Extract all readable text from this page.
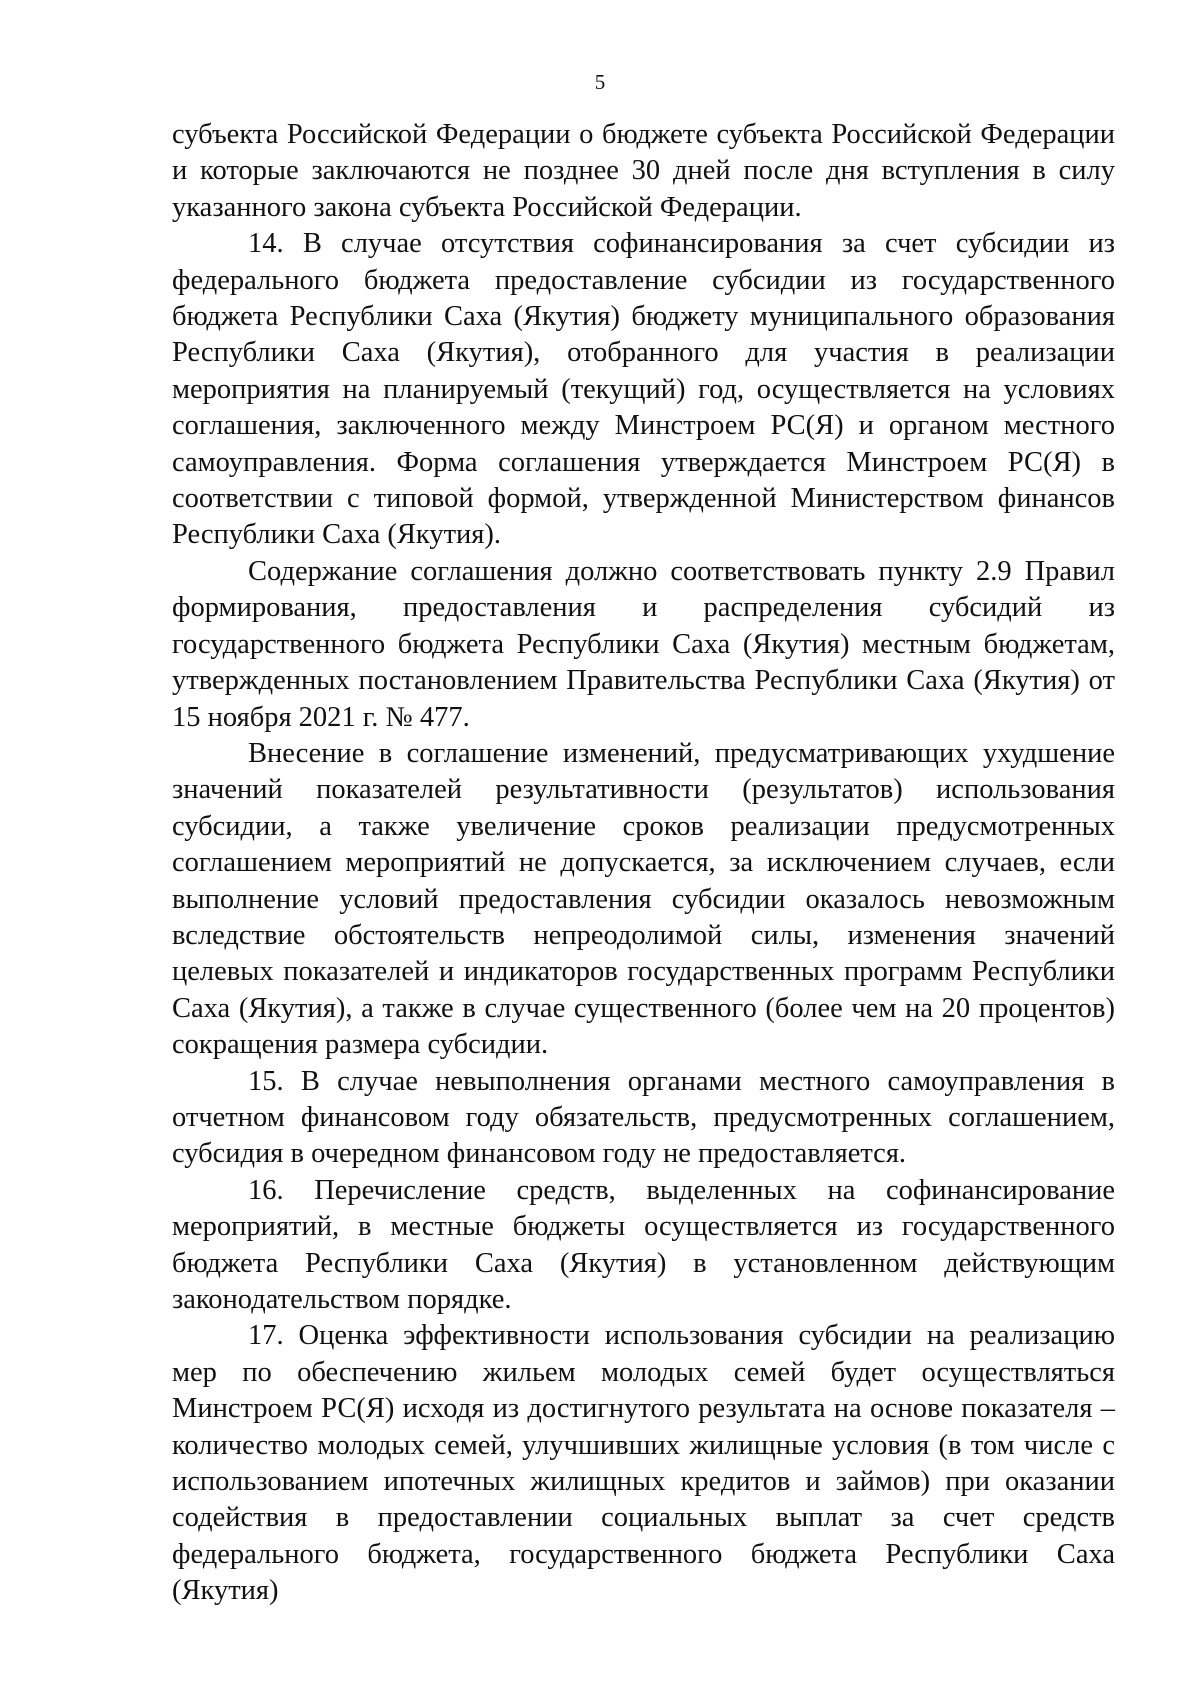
5

субъекта Российской Федерации о бюджете субъекта Российской Федерации и которые заключаются не позднее 30 дней после дня вступления в силу указанного закона субъекта Российской Федерации.

14. В случае отсутствия софинансирования за счет субсидии из федерального бюджета предоставление субсидии из государственного бюджета Республики Саха (Якутия) бюджету муниципального образования Республики Саха (Якутия), отобранного для участия в реализации мероприятия на планируемый (текущий) год, осуществляется на условиях соглашения, заключенного между Минстроем РС(Я) и органом местного самоуправления. Форма соглашения утверждается Минстроем РС(Я) в соответствии с типовой формой, утвержденной Министерством финансов Республики Саха (Якутия).

Содержание соглашения должно соответствовать пункту 2.9 Правил формирования, предоставления и распределения субсидий из государственного бюджета Республики Саха (Якутия) местным бюджетам, утвержденных постановлением Правительства Республики Саха (Якутия) от 15 ноября 2021 г. № 477.

Внесение в соглашение изменений, предусматривающих ухудшение значений показателей результативности (результатов) использования субсидии, а также увеличение сроков реализации предусмотренных соглашением мероприятий не допускается, за исключением случаев, если выполнение условий предоставления субсидии оказалось невозможным вследствие обстоятельств непреодолимой силы, изменения значений целевых показателей и индикаторов государственных программ Республики Саха (Якутия), а также в случае существенного (более чем на 20 процентов) сокращения размера субсидии.

15. В случае невыполнения органами местного самоуправления в отчетном финансовом году обязательств, предусмотренных соглашением, субсидия в очередном финансовом году не предоставляется.

16. Перечисление средств, выделенных на софинансирование мероприятий, в местные бюджеты осуществляется из государственного бюджета Республики Саха (Якутия) в установленном действующим законодательством порядке.

17. Оценка эффективности использования субсидии на реализацию мер по обеспечению жильем молодых семей будет осуществляться Минстроем РС(Я) исходя из достигнутого результата на основе показателя – количество молодых семей, улучшивших жилищные условия (в том числе с использованием ипотечных жилищных кредитов и займов) при оказании содействия в предоставлении социальных выплат за счет средств федерального бюджета, государственного бюджета Республики Саха (Якутия)
